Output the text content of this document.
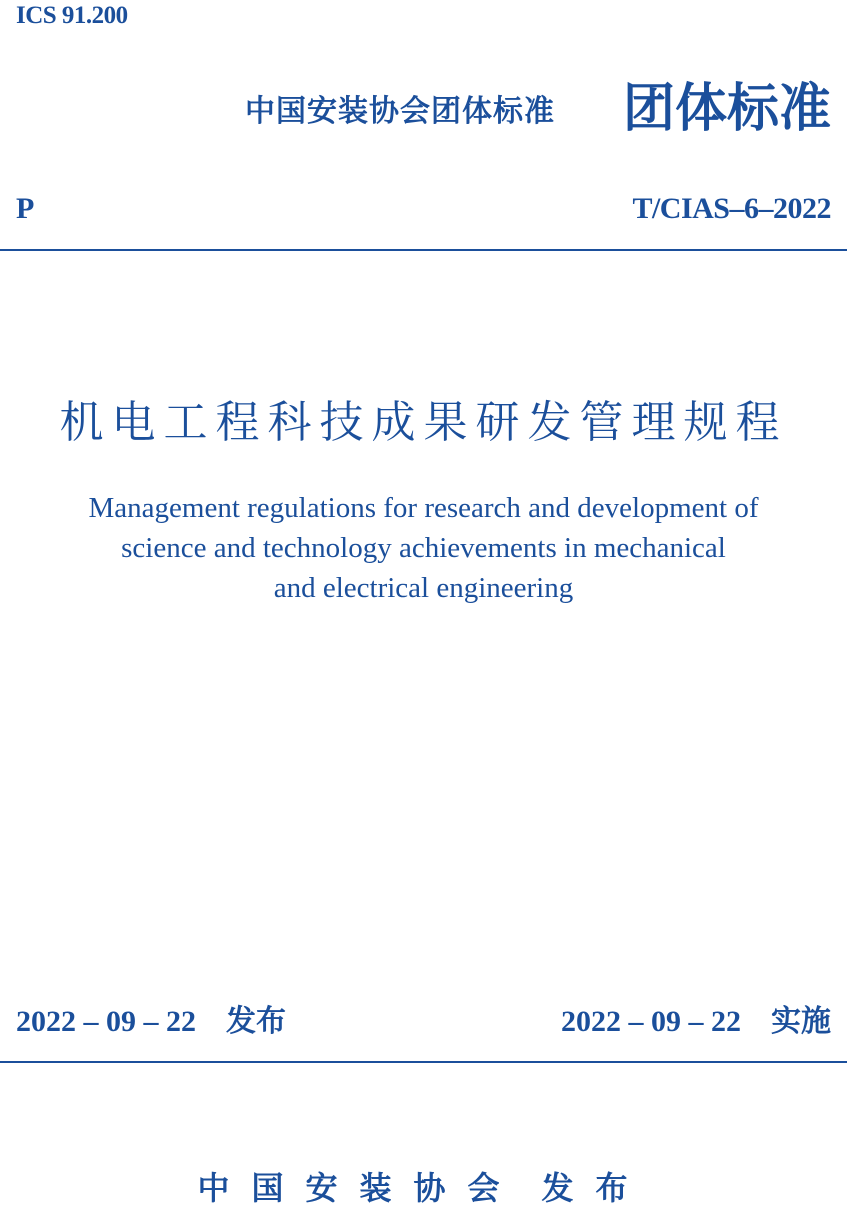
ICS 91.200
中国安装协会团体标准 团体标准
P	T/CIAS–6–2022
机电工程科技成果研发管理规程
Management regulations for research and development of
science and technology achievements in mechanical
and electrical engineering
2022 – 09 – 22 发布	2022 – 09 – 22 实施
中国安装协会 发布
